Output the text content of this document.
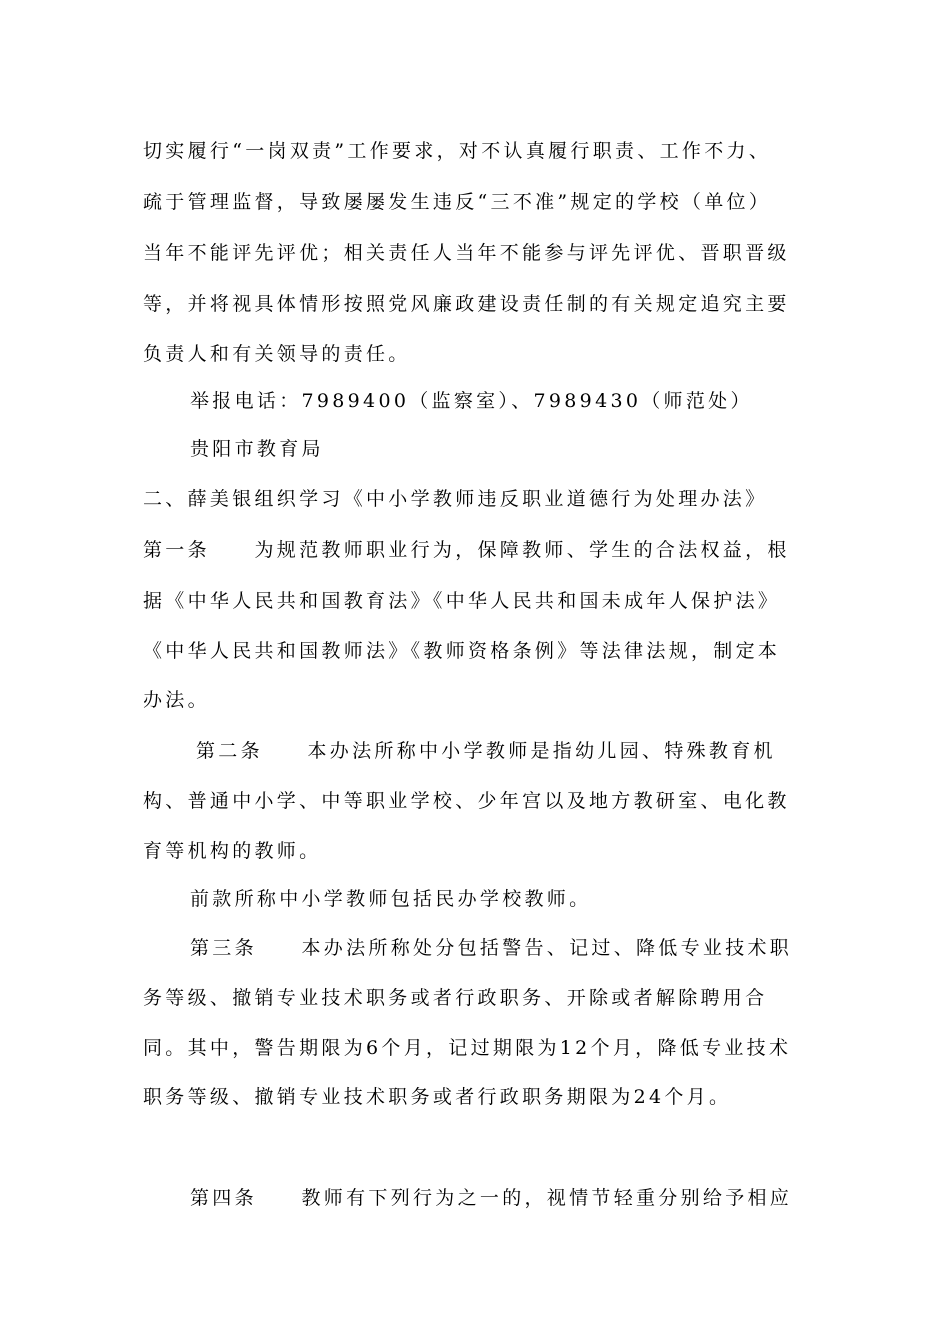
切实履行“一岗双责”工作要求，对不认真履行职责、工作不力、

疏于管理监督，导致屡屡发生违反“三不准”规定的学校（单位）

当年不能评先评优；相关责任人当年不能参与评先评优、晋职晋级

等，并将视具体情形按照党风廉政建设责任制的有关规定追究主要

负责人和有关领导的责任。

举报电话：7989400（监察室）、7989430（师范处）

贵阳市教育局

二、薛美银组织学习《中小学教师违反职业道德行为处理办法》

第一条　　为规范教师职业行为，保障教师、学生的合法权益，根

据《中华人民共和国教育法》《中华人民共和国未成年人保护法》

《中华人民共和国教师法》《教师资格条例》等法律法规，制定本

办法。

第二条　　本办法所称中小学教师是指幼儿园、特殊教育机

构、普通中小学、中等职业学校、少年宫以及地方教研室、电化教

育等机构的教师。

前款所称中小学教师包括民办学校教师。

第三条　　本办法所称处分包括警告、记过、降低专业技术职

务等级、撤销专业技术职务或者行政职务、开除或者解除聘用合

同。其中，警告期限为6个月，记过期限为12个月，降低专业技术

职务等级、撤销专业技术职务或者行政职务期限为24个月。

第四条　　教师有下列行为之一的，视情节轻重分别给予相应
